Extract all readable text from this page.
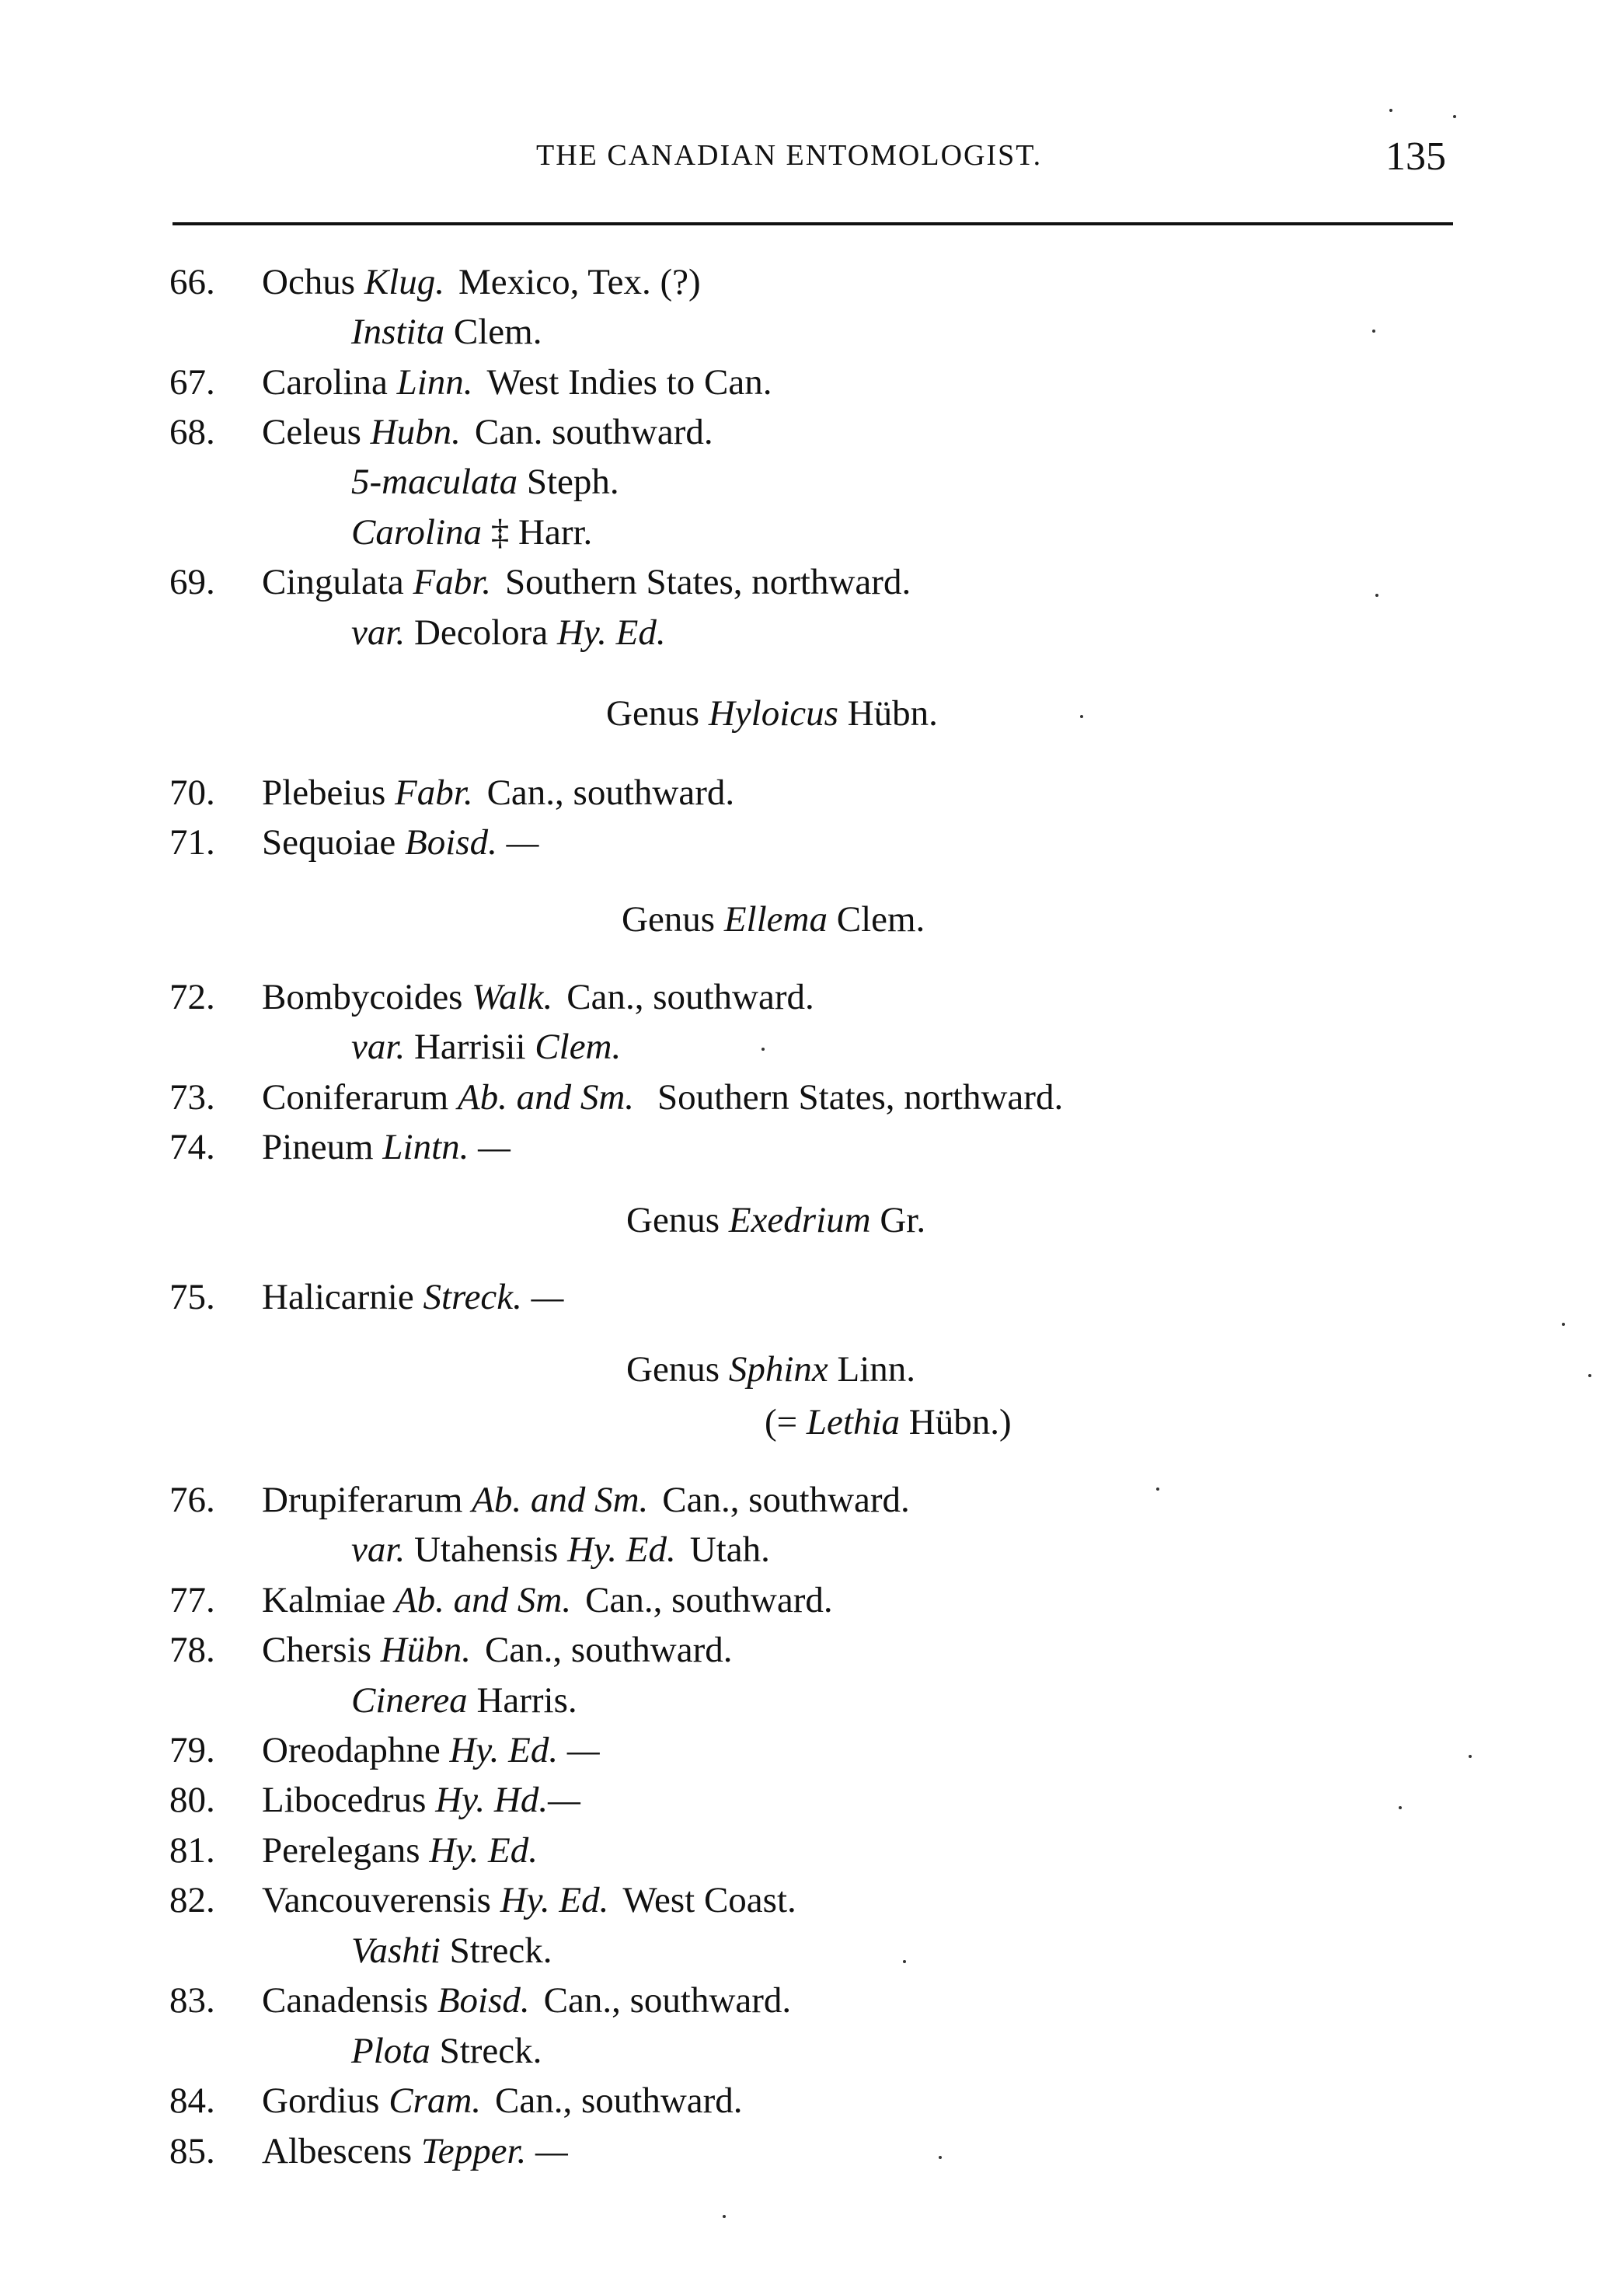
THE CANADIAN ENTOMOLOGIST.	135
66. Ochus Klug. Mexico, Tex. (?)
Instita Clem.
67. Carolina Linn. West Indies to Can.
68. Celeus Hubn. Can. southward.
5-maculata Steph.
Carolina ‡ Harr.
69. Cingulata Fabr. Southern States, northward.
var. Decolora Hy. Ed.
Genus Hyloicus Hübn.
70. Plebeius Fabr. Can., southward.
71. Sequoiae Boisd. —
Genus Ellema Clem.
72. Bombycoides Walk. Can., southward.
var. Harrisii Clem.
73. Coniferarum Ab. and Sm. Southern States, northward.
74. Pineum Lintn. —
Genus Exedrium Gr.
75. Halicarnie Streck. —
Genus Sphinx Linn.
(= Lethia Hübn.)
76. Drupiferarum Ab. and Sm. Can., southward.
var. Utahensis Hy. Ed. Utah.
77. Kalmiae Ab. and Sm. Can., southward.
78. Chersis Hübn. Can., southward.
Cinerea Harris.
79. Oreodaphne Hy. Ed. —
80. Libocedrus Hy. Hd.—
81. Perelegans Hy. Ed.
82. Vancouverensis Hy. Ed. West Coast.
Vashti Streck.
83. Canadensis Boisd. Can., southward.
Plota Streck.
84. Gordius Cram. Can., southward.
85. Albescens Tepper. —
